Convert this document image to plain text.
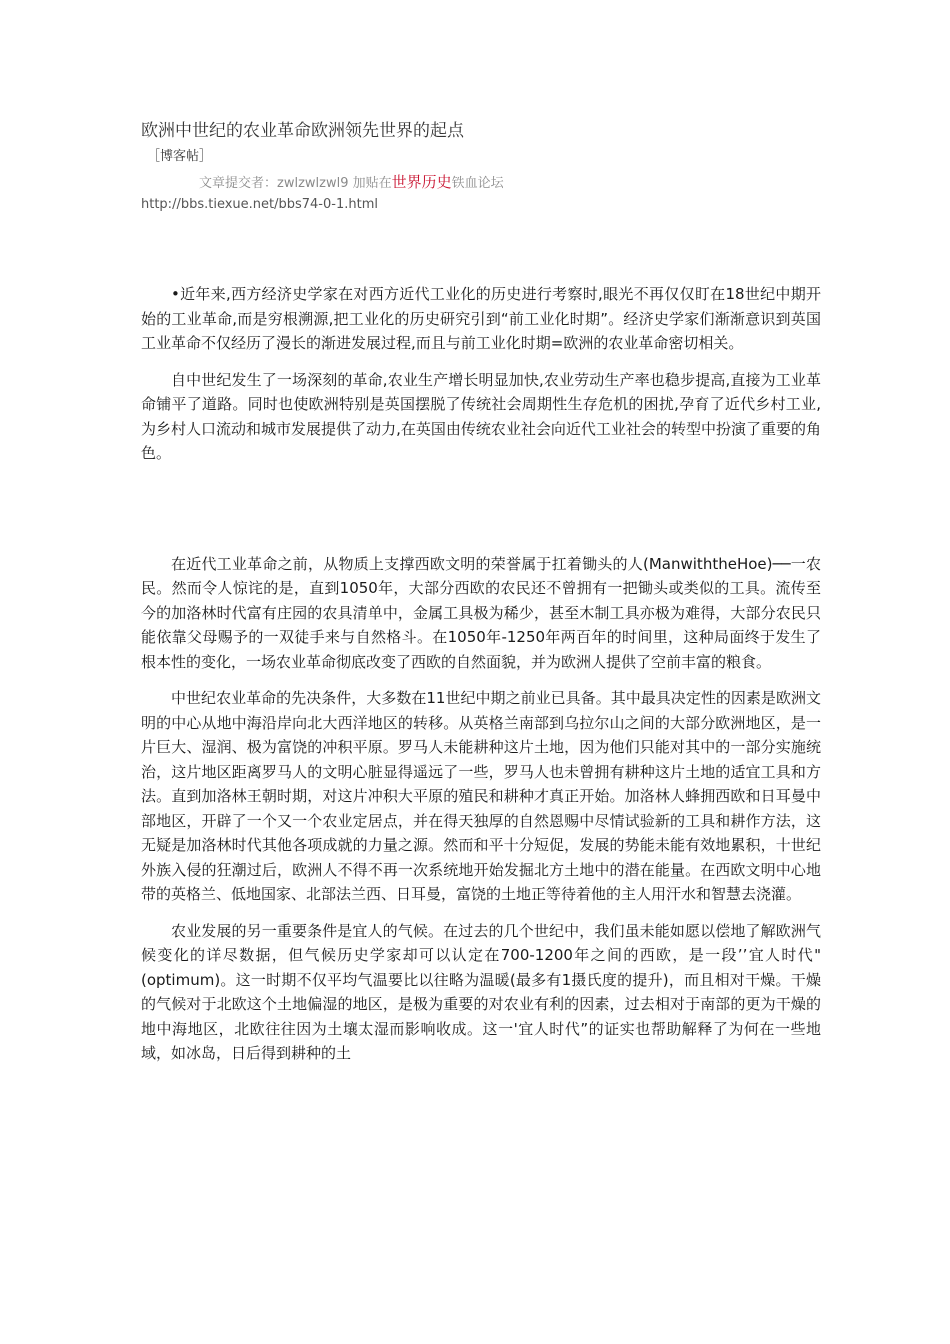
欧洲中世纪的农业革命欧洲领先世界的起点
［博客帖］
文章提交者：zwlzwlzwl9 加贴在世界历史铁血论坛
http://bbs.tiexue.net/bbs74-0-1.html

•近年来,西方经济史学家在对西方近代工业化的历史进行考察时,眼光不再仅仅盯在18世纪中期开始的工业革命,而是穷根溯源,把工业化的历史研究引到“前工业化时期”。经济史学家们渐渐意识到英国工业革命不仅经历了漫长的渐进发展过程,而且与前工业化时期=欧洲的农业革命密切相关。

自中世纪发生了一场深刻的革命,农业生产增长明显加快,农业劳动生产率也稳步提高,直接为工业革命铺平了道路。同时也使欧洲特别是英国摆脱了传统社会周期性生存危机的困扰,孕育了近代乡村工业,为乡村人口流动和城市发展提供了动力,在英国由传统农业社会向近代工业社会的转型中扮演了重要的角色。

在近代工业革命之前，从物质上支撑西欧文明的荣誉属于扛着锄头的人(ManwiththeHoe)──一农民。然而令人惊诧的是，直到1050年，大部分西欧的农民还不曾拥有一把锄头或类似的工具。流传至今的加洛林时代富有庄园的农具清单中，金属工具极为稀少，甚至木制工具亦极为难得，大部分农民只能依靠父母赐予的一双徒手来与自然格斗。在1050年-1250年两百年的时间里，这种局面终于发生了根本性的变化，一场农业革命彻底改变了西欧的自然面貌，并为欧洲人提供了空前丰富的粮食。

中世纪农业革命的先决条件，大多数在11世纪中期之前业已具备。其中最具决定性的因素是欧洲文明的中心从地中海沿岸向北大西洋地区的转移。从英格兰南部到乌拉尔山之间的大部分欧洲地区，是一片巨大、湿润、极为富饶的冲积平原。罗马人未能耕种这片土地，因为他们只能对其中的一部分实施统治，这片地区距离罗马人的文明心脏显得遥远了一些，罗马人也未曾拥有耕种这片土地的适宜工具和方法。直到加洛林王朝时期，对这片冲积大平原的殖民和耕种才真正开始。加洛林人蜂拥西欧和日耳曼中部地区，开辟了一个又一个农业定居点，并在得天独厚的自然恩赐中尽情试验新的工具和耕作方法，这无疑是加洛林时代其他各项成就的力量之源。然而和平十分短促，发展的势能未能有效地累积，十世纪外族入侵的狂潮过后，欧洲人不得不再一次系统地开始发掘北方土地中的潜在能量。在西欧文明中心地带的英格兰、低地国家、北部法兰西、日耳曼，富饶的土地正等待着他的主人用汗水和智慧去浇灌。

农业发展的另一重要条件是宜人的气候。在过去的几个世纪中，我们虽未能如愿以偿地了解欧洲气候变化的详尽数据，但气候历史学家却可以认定在700-1200年之间的西欧，是一段’’宜人时代"(optimum)。这一时期不仅平均气温要比以往略为温暖(最多有1摄氏度的提升)，而且相对干燥。干燥的气候对于北欧这个土地偏湿的地区，是极为重要的对农业有利的因素，过去相对于南部的更为干燥的地中海地区，北欧往往因为土壤太湿而影响收成。这一'宜人时代”的证实也帮助解释了为何在一些地域，如冰岛，日后得到耕种的土
